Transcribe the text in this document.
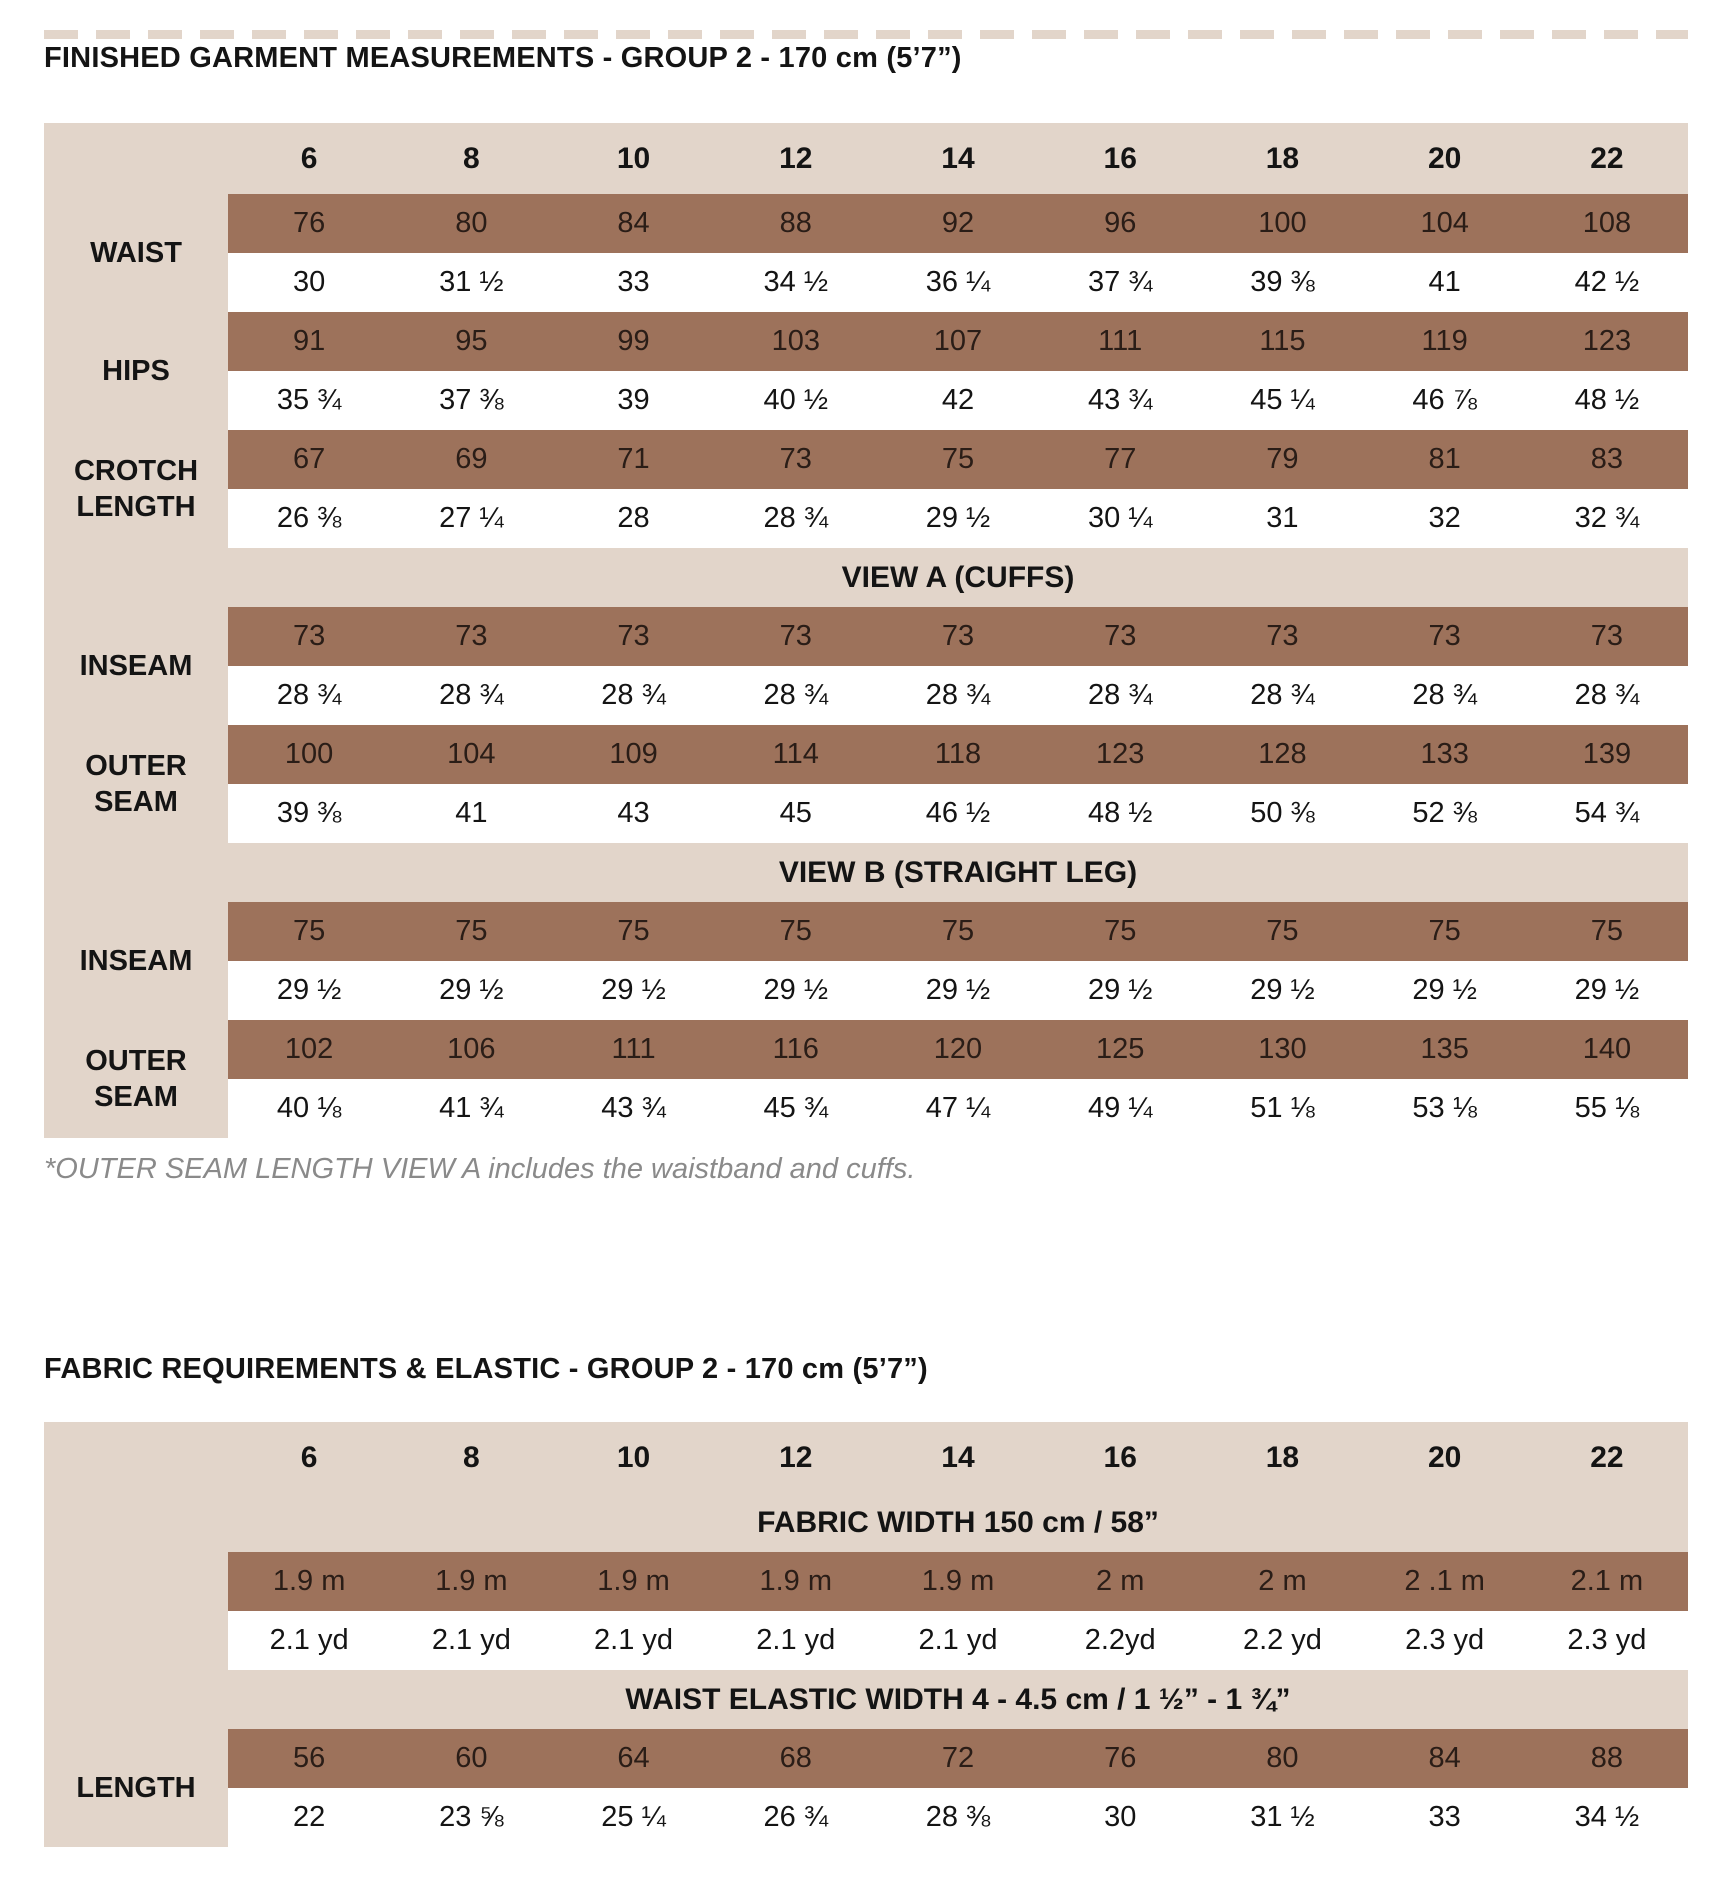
FINISHED GARMENT MEASUREMENTS - GROUP 2 - 170 cm (5’7”)
6	8	10	12	14	16	18	20	22
WAIST
76	80	84	88	92	96	100	104	108
30	31 ½	33	34 ½	36 ¼	37 ¾	39 ⅜	41	42 ½
HIPS
91	95	99	103	107	111	115	119	123
35 ¾	37 ⅜	39	40 ½	42	43 ¾	45 ¼	46 ⅞	48 ½
CROTCH
LENGTH
67	69	71	73	75	77	79	81	83
26 ⅜	27 ¼	28	28 ¾	29 ½	30 ¼	31	32	32 ¾
VIEW A (CUFFS)
INSEAM
73	73	73	73	73	73	73	73	73
28 ¾	28 ¾	28 ¾	28 ¾	28 ¾	28 ¾	28 ¾	28 ¾	28 ¾
OUTER
SEAM
100	104	109	114	118	123	128	133	139
39 ⅜	41	43	45	46 ½	48 ½	50 ⅜	52 ⅜	54 ¾
VIEW B (STRAIGHT LEG)
INSEAM
75	75	75	75	75	75	75	75	75
29 ½	29 ½	29 ½	29 ½	29 ½	29 ½	29 ½	29 ½	29 ½
OUTER
SEAM
102	106	111	116	120	125	130	135	140
40 ⅛	41 ¾	43 ¾	45 ¾	47 ¼	49 ¼	51 ⅛	53 ⅛	55 ⅛

*OUTER SEAM LENGTH VIEW A includes the waistband and cuffs.

FABRIC REQUIREMENTS & ELASTIC - GROUP 2 - 170 cm (5’7”)
6	8	10	12	14	16	18	20	22
FABRIC WIDTH 150 cm / 58”
1.9 m	1.9 m	1.9 m	1.9 m	1.9 m	2 m	2 m	2 .1 m	2.1 m
2.1 yd	2.1 yd	2.1 yd	2.1 yd	2.1 yd	2.2yd	2.2 yd	2.3 yd	2.3 yd
WAIST ELASTIC WIDTH 4 - 4.5 cm / 1 ½” - 1 ¾”
LENGTH
56	60	64	68	72	76	80	84	88
22	23 ⅝	25 ¼	26 ¾	28 ⅜	30	31 ½	33	34 ½
